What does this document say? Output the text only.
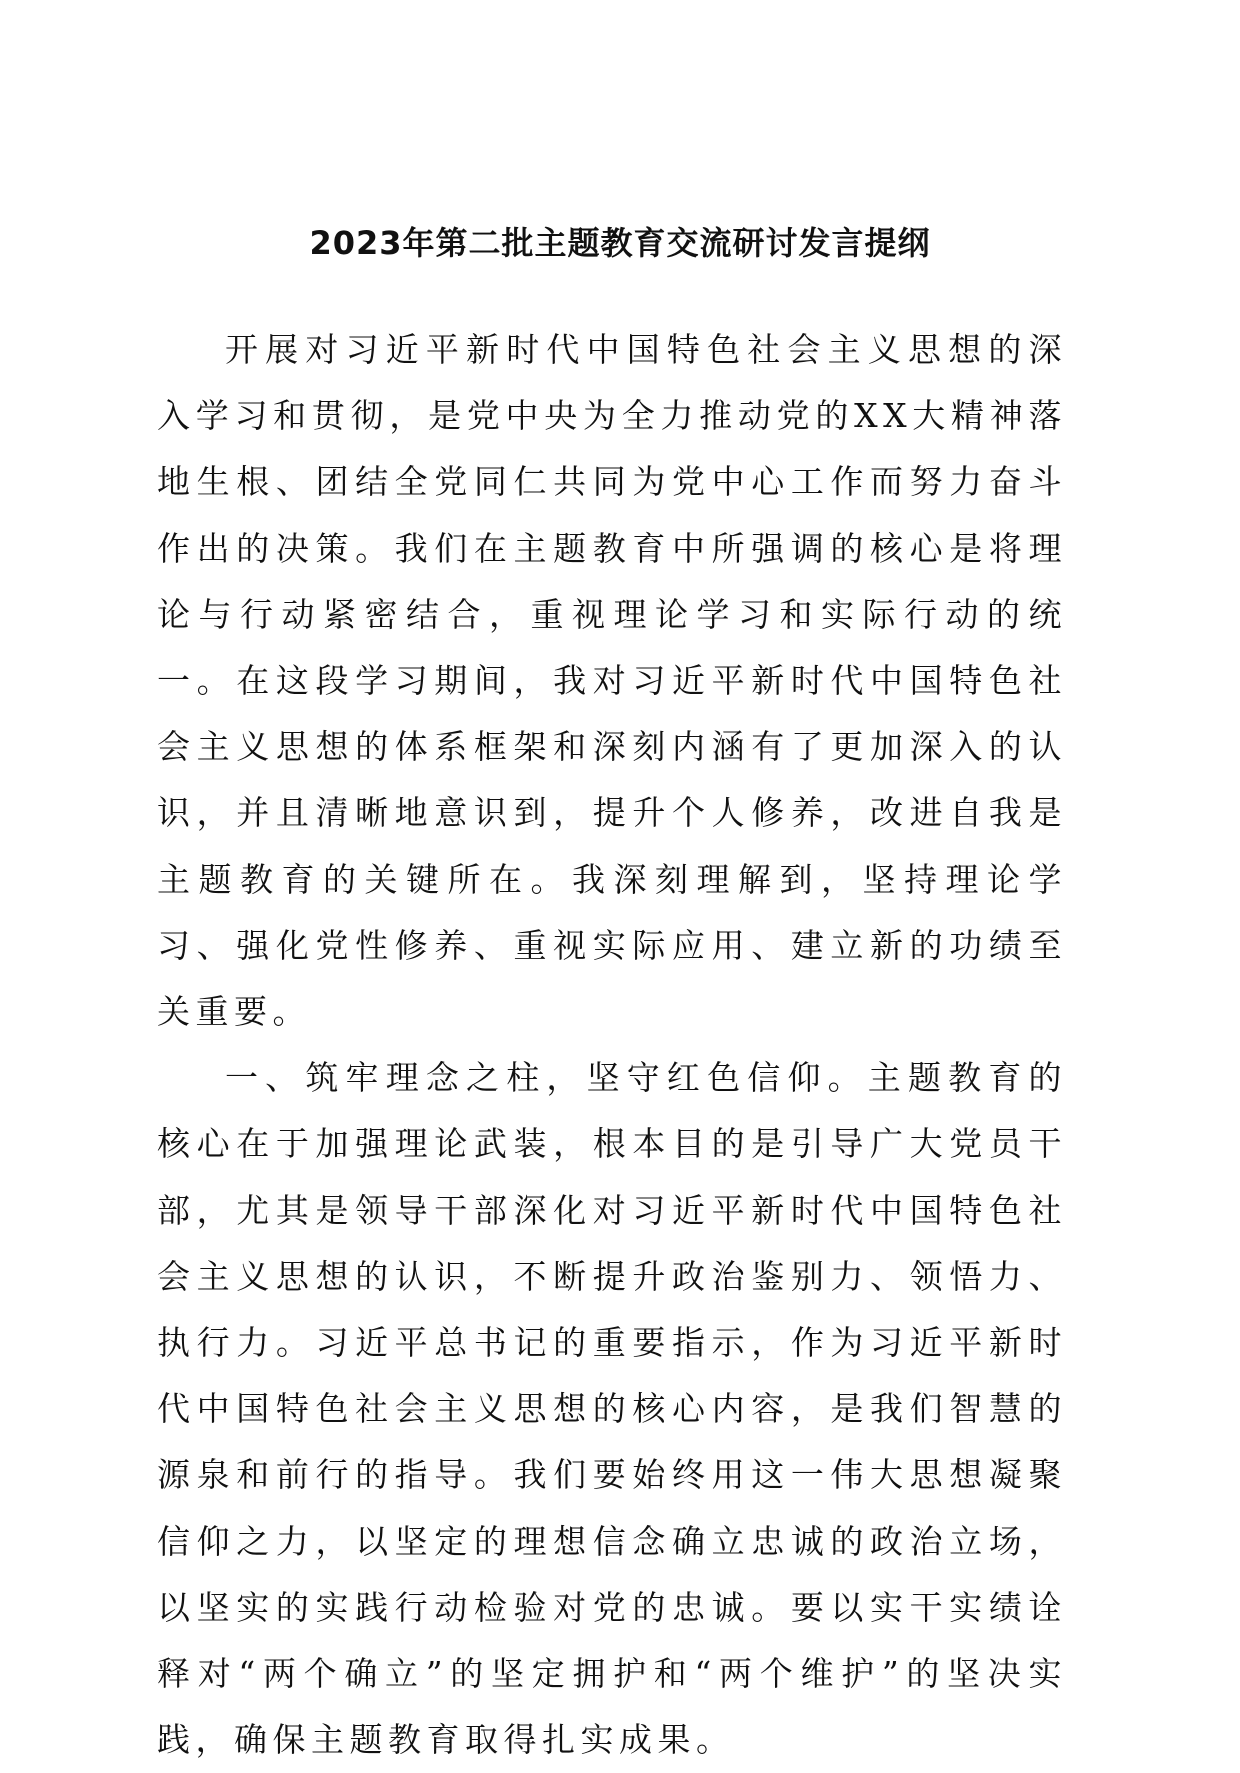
2023年第二批主题教育交流研讨发言提纲

开展对习近平新时代中国特色社会主义思想的深入学习和贯彻，是党中央为全力推动党的XX大精神落地生根、团结全党同仁共同为党中心工作而努力奋斗作出的决策。我们在主题教育中所强调的核心是将理论与行动紧密结合，重视理论学习和实际行动的统一。在这段学习期间，我对习近平新时代中国特色社会主义思想的体系框架和深刻内涵有了更加深入的认识，并且清晰地意识到，提升个人修养，改进自我是主题教育的关键所在。我深刻理解到，坚持理论学习、强化党性修养、重视实际应用、建立新的功绩至关重要。

一、筑牢理念之柱，坚守红色信仰。主题教育的核心在于加强理论武装，根本目的是引导广大党员干部，尤其是领导干部深化对习近平新时代中国特色社会主义思想的认识，不断提升政治鉴别力、领悟力、执行力。习近平总书记的重要指示，作为习近平新时代中国特色社会主义思想的核心内容，是我们智慧的源泉和前行的指导。我们要始终用这一伟大思想凝聚信仰之力，以坚定的理想信念确立忠诚的政治立场，以坚实的实践行动检验对党的忠诚。要以实干实绩诠释对“两个确立”的坚定拥护和“两个维护”的坚决实践，确保主题教育取得扎实成果。
